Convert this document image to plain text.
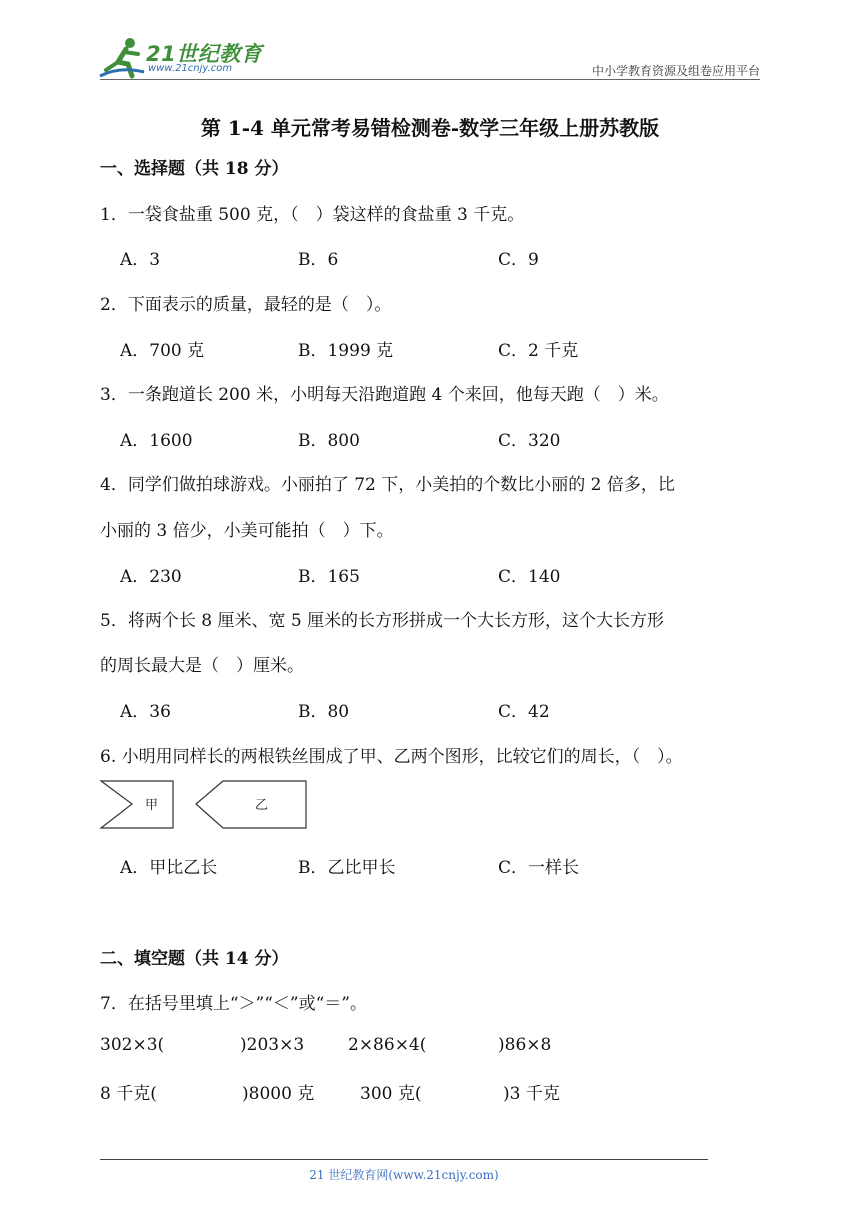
21世纪教育
www.21cnjy.com	中小学教育资源及组卷应用平台
第 1-4 单元常考易错检测卷-数学三年级上册苏教版
一、选择题（共 18 分）
1．一袋食盐重 500 克，（　）袋这样的食盐重 3 千克。
A．3	B．6	C．9
2．下面表示的质量，最轻的是（　）。
A．700 克	B．1999 克	C．2 千克
3．一条跑道长 200 米，小明每天沿跑道跑 4 个来回，他每天跑（　）米。
A．1600	B．800	C．320
4．同学们做拍球游戏。小丽拍了 72 下，小美拍的个数比小丽的 2 倍多，比
小丽的 3 倍少，小美可能拍（　）下。
A．230	B．165	C．140
5．将两个长 8 厘米、宽 5 厘米的长方形拼成一个大长方形，这个大长方形
的周长最大是（　）厘米。
A．36	B．80	C．42
6. 小明用同样长的两根铁丝围成了甲、乙两个图形，比较它们的周长，（　）。
甲	乙
A．甲比乙长	B．乙比甲长	C．一样长
二、填空题（共 14 分）
7．在括号里填上“＞”“＜”或“＝”。
302×3(	)203×3	2×86×4(	)86×8
8 千克(	)8000 克	300 克(	)3 千克
21 世纪教育网(www.21cnjy.com)
